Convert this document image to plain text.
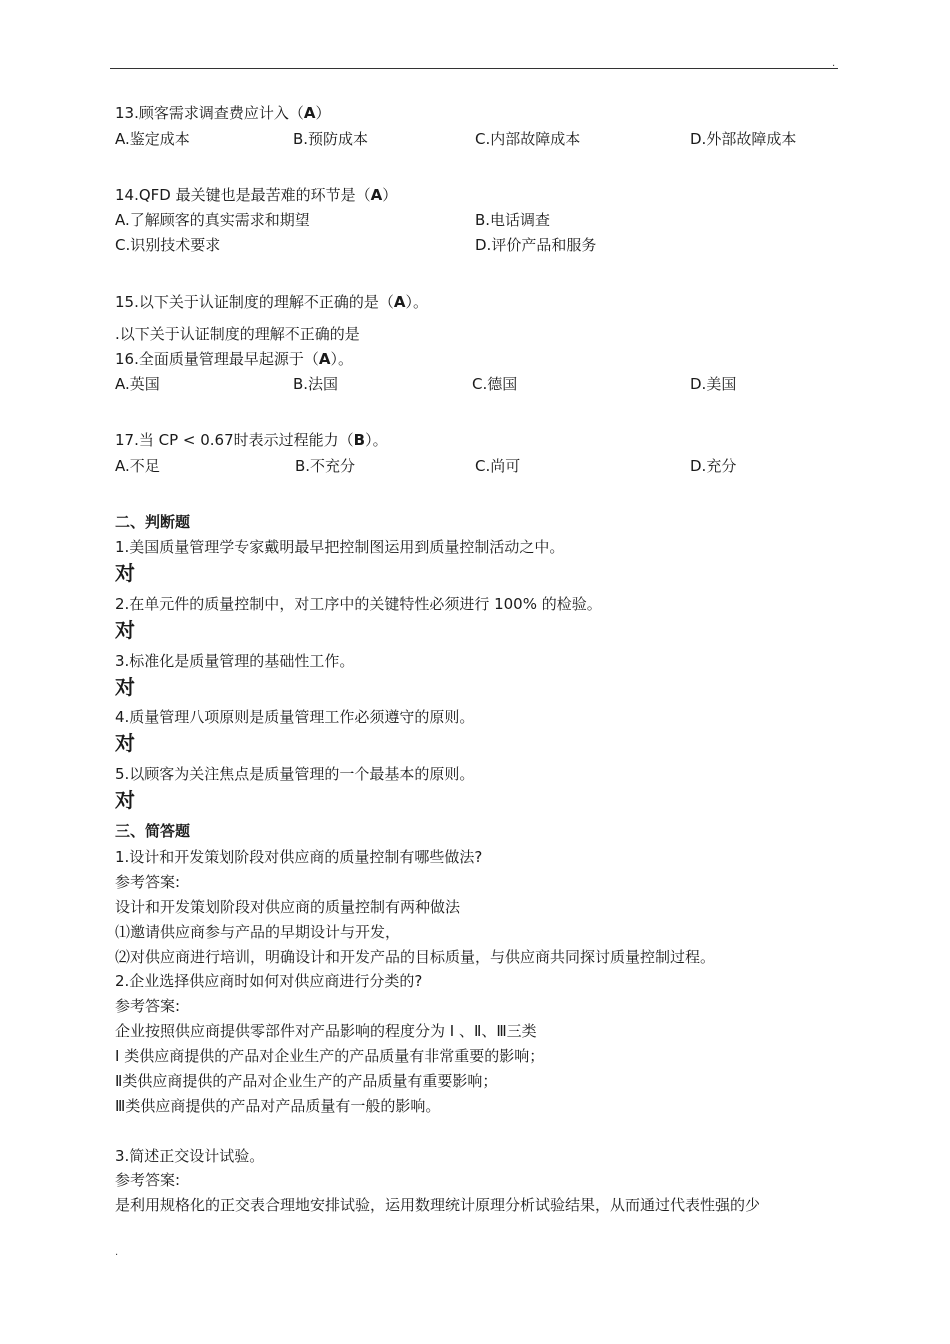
.
13.顾客需求调查费应计入（A）
A.鉴定成本	B.预防成本	C.内部故障成本	D.外部故障成本
14.QFD 最关键也是最苦难的环节是（A）
A.了解顾客的真实需求和期望	B.电话调查
C.识别技术要求	D.评价产品和服务
15.以下关于认证制度的理解不正确的是（A）。
.以下关于认证制度的理解不正确的是
16.全面质量管理最早起源于（A）。
A.英国	B.法国	C.德国	D.美国
17.当 CP < 0.67时表示过程能力（B）。
A.不足	B.不充分	C.尚可	D.充分
二、判断题
1.美国质量管理学专家戴明最早把控制图运用到质量控制活动之中。
对
2.在单元件的质量控制中，对工序中的关键特性必须进行 100% 的检验。
对
3.标准化是质量管理的基础性工作。
对
4.质量管理八项原则是质量管理工作必须遵守的原则。
对
5.以顾客为关注焦点是质量管理的一个最基本的原则。
对
三、简答题
1.设计和开发策划阶段对供应商的质量控制有哪些做法?
参考答案:
设计和开发策划阶段对供应商的质量控制有两种做法
⑴邀请供应商参与产品的早期设计与开发，
⑵对供应商进行培训，明确设计和开发产品的目标质量，与供应商共同探讨质量控制过程。
2.企业选择供应商时如何对供应商进行分类的?
参考答案:
企业按照供应商提供零部件对产品影响的程度分为 Ⅰ 、Ⅱ、Ⅲ三类
Ⅰ 类供应商提供的产品对企业生产的产品质量有非常重要的影响；
Ⅱ类供应商提供的产品对企业生产的产品质量有重要影响；
Ⅲ类供应商提供的产品对产品质量有一般的影响。
3.简述正交设计试验。
参考答案:
是利用规格化的正交表合理地安排试验，运用数理统计原理分析试验结果，从而通过代表性强的少
.
